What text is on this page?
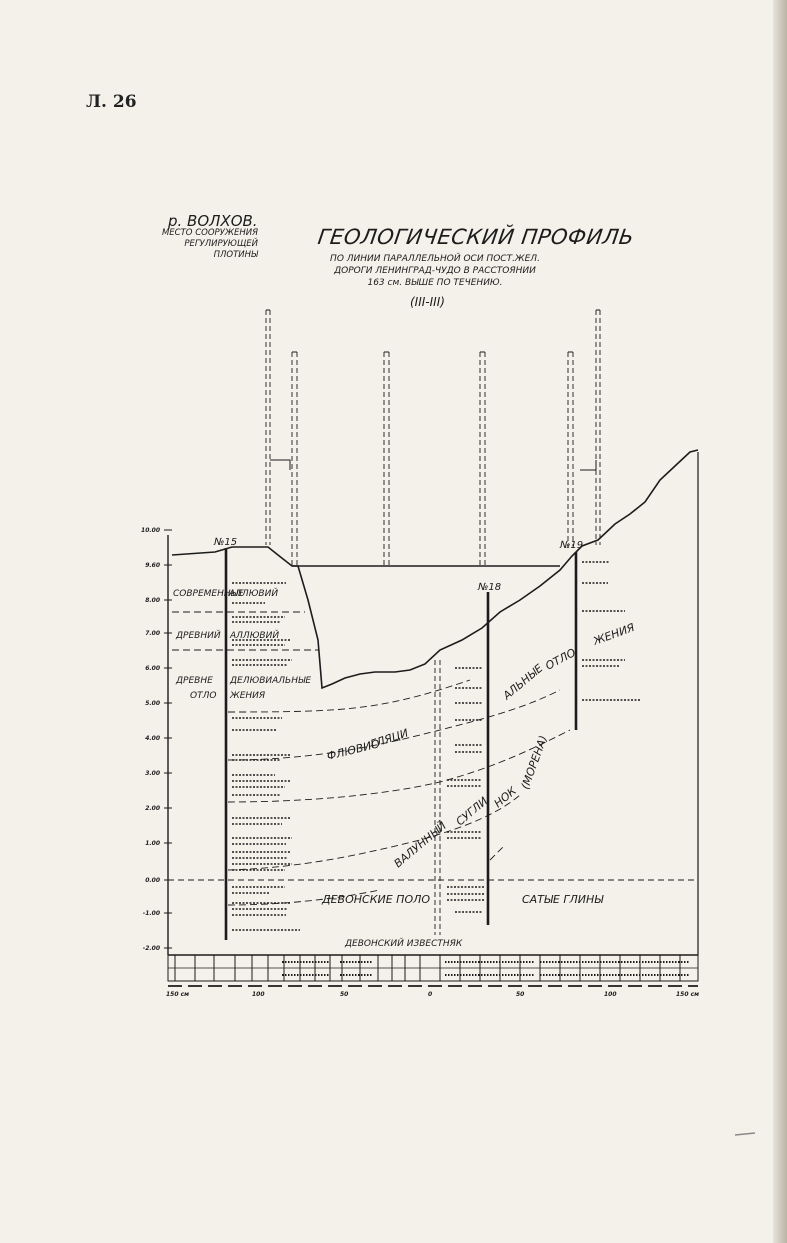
Л. 26
р. ВОЛХОВ.
МЕСТО СООРУЖЕНИЯ
РЕГУЛИРУЮЩЕЙ ПЛОТИНЫ
ГЕОЛОГИЧЕСКИЙ ПРОФИЛЬ
ПО ЛИНИИ ПАРАЛЛЕЛЬНОЙ ОСИ ПОСТ.ЖЕЛ.
ДОРОГИ ЛЕНИНГРАД-ЧУДО В РАССТОЯНИИ
163 см. ВЫШЕ ПО ТЕЧЕНИЮ.
(III-III)
10.00
9.60
8.00
7.00
6.00
5.00
4.00
3.00
2.00
1.00
0.00
-1.00
-2.00
№15
№18
№19
СОВРЕМЕННЫЕ
АЛЛЮВИЙ
ДРЕВНИЙ АЛЛЮВИЙ
ДРЕВНЕ ДЕЛЮВИАЛЬНЫЕ
ОТЛО ЖЕНИЯ
ФЛЮВИО
ГЛЯЦИ
АЛЬНЫЕ
ОТЛО
ЖЕНИЯ
ВАЛУННЫЙ
СУГЛИ НОК
(МОРЕНА)
ДЕВОНСКИЕ ПОЛО	САТЫЕ ГЛИНЫ
ДЕВОНСКИЙ ИЗВЕСТНЯК
150 см	100	50	0	50	100	150 см
